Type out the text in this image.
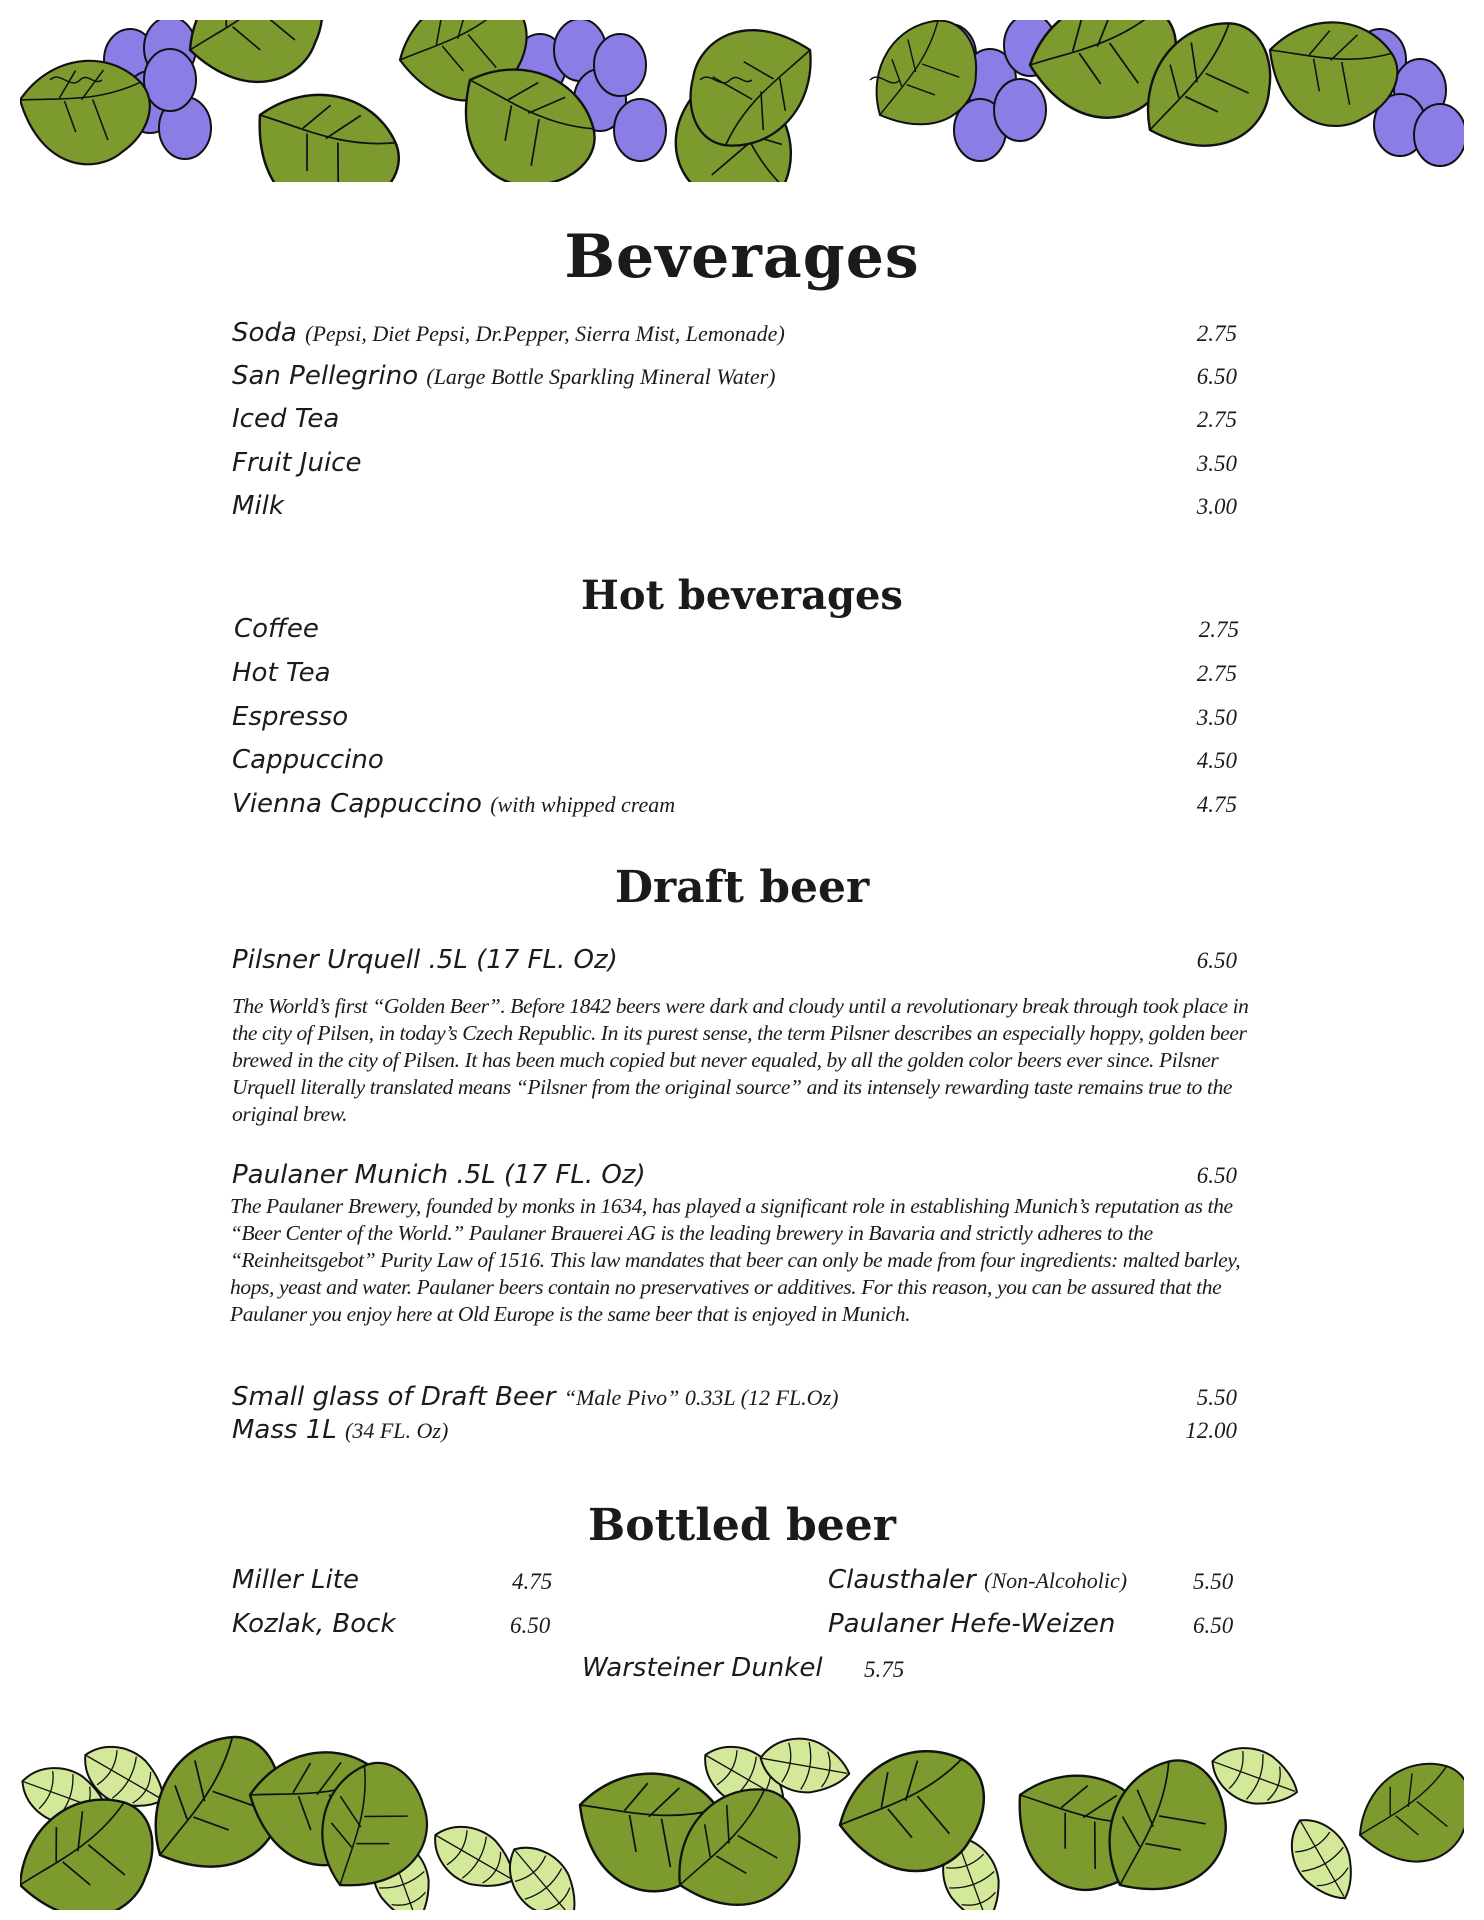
Beverages
Soda (Pepsi, Diet Pepsi, Dr.Pepper, Sierra Mist, Lemonade)	2.75
San Pellegrino (Large Bottle Sparkling Mineral Water)	6.50
Iced Tea	2.75
Fruit Juice	3.50
Milk	3.00
Hot beverages
Coffee	2.75
Hot Tea	2.75
Espresso	3.50
Cappuccino	4.50
Vienna Cappuccino (with whipped cream	4.75
Draft beer
Pilsner Urquell .5L (17 FL. Oz)	6.50
The World’s first “Golden Beer”. Before 1842 beers were dark and cloudy until a revolutionary break through took place in the city of Pilsen, in today’s Czech Republic. In its purest sense, the term Pilsner describes an especially hoppy, golden beer brewed in the city of Pilsen. It has been much copied but never equaled, by all the golden color beers ever since. Pilsner Urquell literally translated means “Pilsner from the original source” and its intensely rewarding taste remains true to the original brew.
Paulaner Munich .5L (17 FL. Oz)	6.50
The Paulaner Brewery, founded by monks in 1634, has played a significant role in establishing Munich’s reputation as the “Beer Center of the World.” Paulaner Brauerei AG is the leading brewery in Bavaria and strictly adheres to the “Reinheitsgebot” Purity Law of 1516. This law mandates that beer can only be made from four ingredients: malted barley, hops, yeast and water. Paulaner beers contain no preservatives or additives. For this reason, you can be assured that the Paulaner you enjoy here at Old Europe is the same beer that is enjoyed in Munich.
Small glass of Draft Beer “Male Pivo” 0.33L (12 FL.Oz)	5.50
Mass 1L (34 FL. Oz)	12.00
Bottled beer
Miller Lite	4.75
Kozlak, Bock	6.50
Clausthaler (Non-Alcoholic)	5.50
Paulaner Hefe-Weizen	6.50
Warsteiner Dunkel 5.75
